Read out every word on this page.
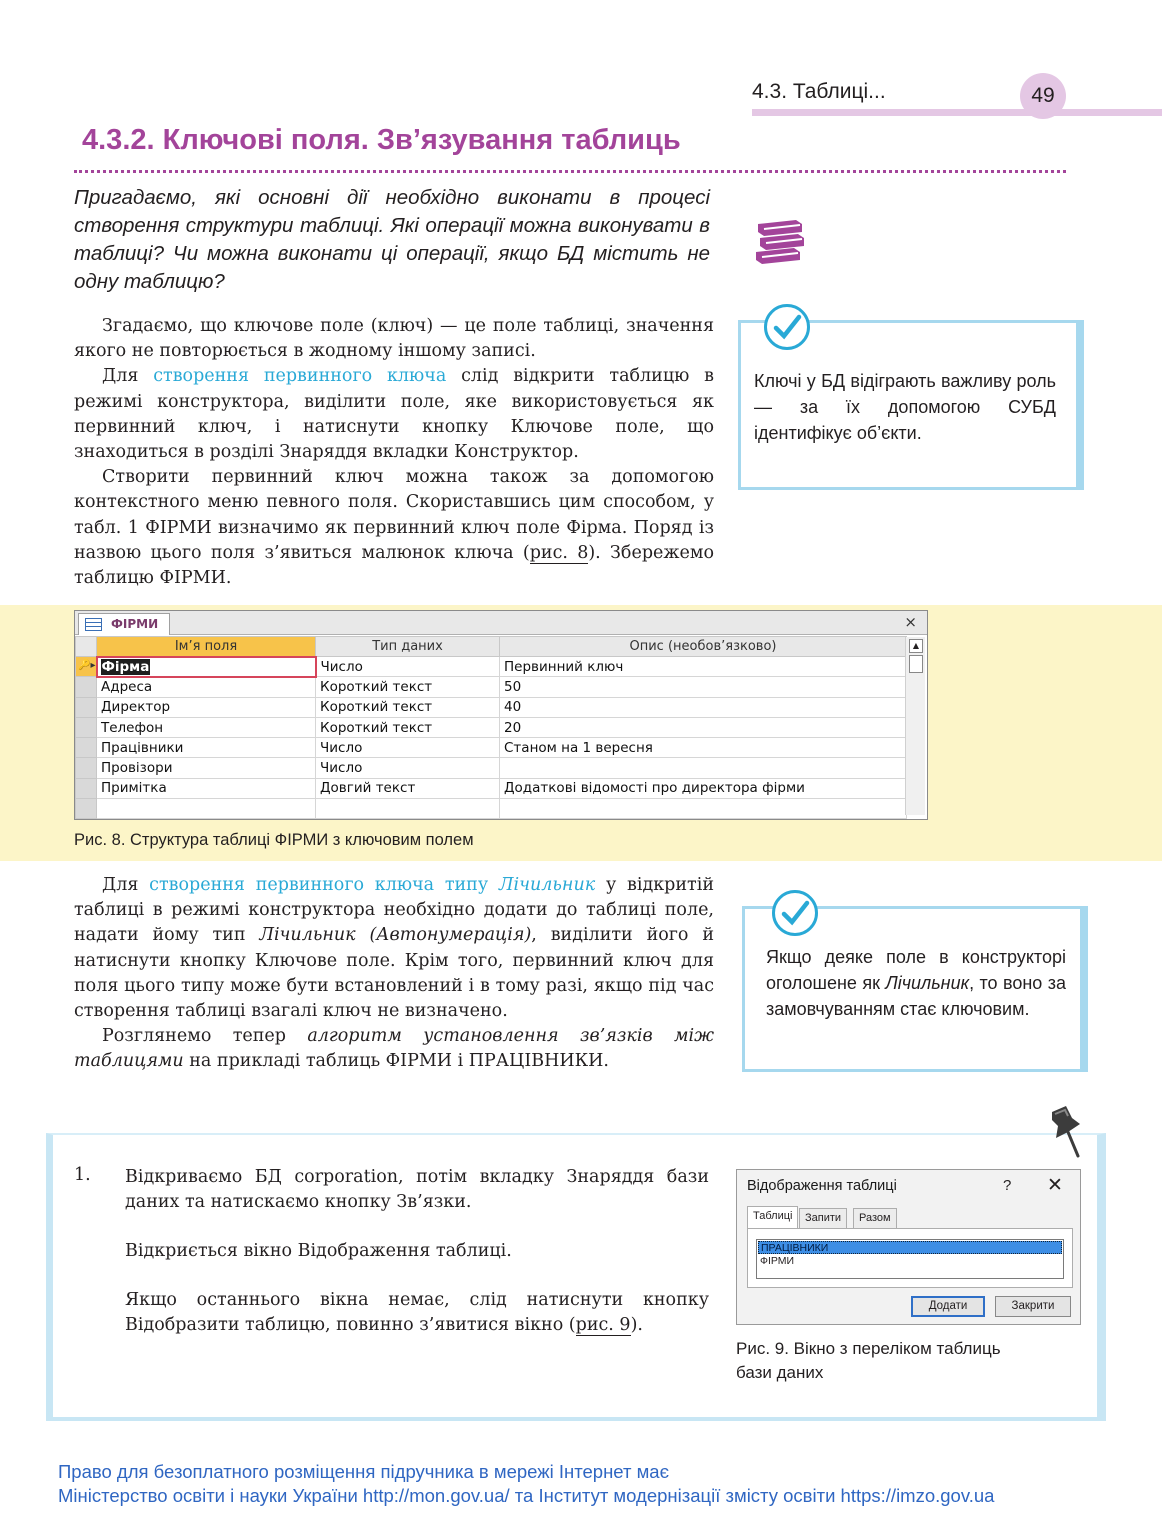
4.3. Таблиці...	49
4.3.2. Ключові поля. Зв’язування таблиць
Пригадаємо, які основні дії необхідно виконати в процесі створення структури таблиці. Які операції можна виконувати в таблиці? Чи можна виконати ці операції, якщо БД містить не одну таблицю?

Згадаємо, що ключове поле (ключ) — це поле таблиці, значення якого не повторюється в жодному іншому записі.

Для створення первинного ключа слід відкрити таблицю в режимі конструктора, виділити поле, яке використовується як первинний ключ, і натиснути кнопку Ключове поле, що знаходиться в розділі Знаряддя вкладки Конструктор.

Створити первинний ключ можна також за допомогою контекстного меню певного поля. Скориставшись цим способом, у табл. 1 ФІРМИ визначимо як первинний ключ поле Фірма. Поряд із назвою цього поля з’явиться малюнок ключа (рис. 8). Збережемо таблицю ФІРМИ.

Ключі у БД відіграють важливу роль — за їх допомогою СУБД ідентифікує об’єкти.
ФІРМИ	×
	Ім’я поля	Тип даних	Опис (необов’язково)

🔑▸	Фірма	Число	Первинний ключ
	Адреса	Короткий текст	50
	Директор	Короткий текст	40
	Телефон	Короткий текст	20
	Працівники	Число	Станом на 1 вересня
	Провізори	Число	
	Примітка	Довгий текст	Додаткові відомості про директора фірми

▲
Рис. 8. Структура таблиці ФІРМИ з ключовим полем

Для створення первинного ключа типу Лічильник у відкритій таблиці в режимі конструктора необхідно додати до таблиці поле, надати йому тип Лічильник (Автонумерація), виділити його й натиснути кнопку Ключове поле. Крім того, первинний ключ для поля цього типу може бути встановлений і в тому разі, якщо під час створення таблиці взагалі ключ не визначено.

Розглянемо тепер алгоритм установлення зв’язків між таблицями на прикладі таблиць ФІРМИ і ПРАЦІВНИКИ.

Якщо деяке поле в конструкторі оголошене як Лічильник, то воно за замовчуванням стає ключовим.
1. Відкриваємо БД corporation, потім вкладку Знаряддя бази даних та натискаємо кнопку Зв’язки.
Відкриється вікно Відображення таблиці.
Якщо останнього вікна немає, слід натиснути кнопку Відобразити таблицю, повинно з’явитися вікно (рис. 9).
Відображення таблиці	? ✕
Таблиці	Запити	Разом
ПРАЦІВНИКИ
ФІРМИ
Додати	Закрити
Рис. 9. Вікно з переліком таблиць бази даних
Право для безоплатного розміщення підручника в мережі Інтернет має
Міністерство освіти і науки України http://mon.gov.ua/ та Інститут модернізації змісту освіти https://imzo.gov.ua
